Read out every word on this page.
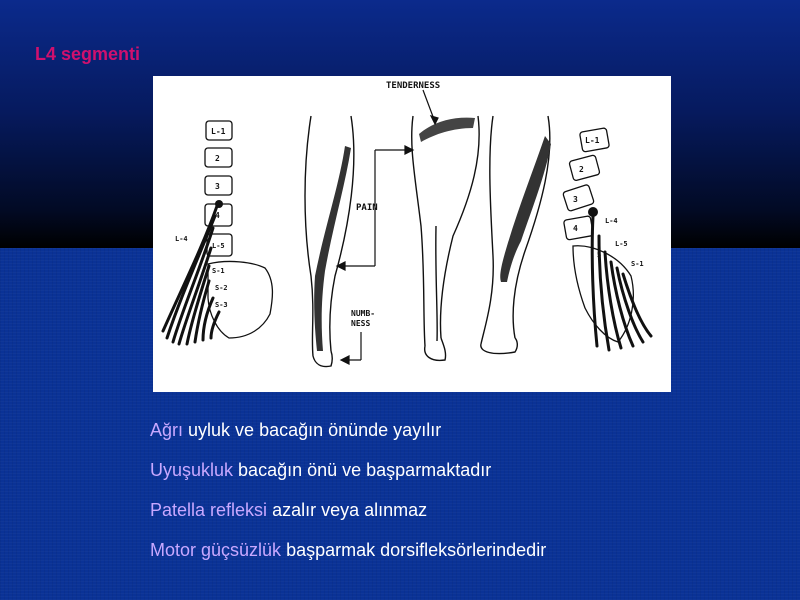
L4 segmenti
L-1
2
3
4
L-5
S-1
S-2
S-3
L-4
TENDERNESS
PAIN
NUMB-
NESS
L-1
2
3
4
5
L-4
L-5
S-1
Ağrı uyluk ve bacağın önünde yayılır
Uyuşukluk bacağın önü ve başparmaktadır
Patella refleksi azalır veya alınmaz
Motor güçsüzlük başparmak dorsifleksörlerindedir
